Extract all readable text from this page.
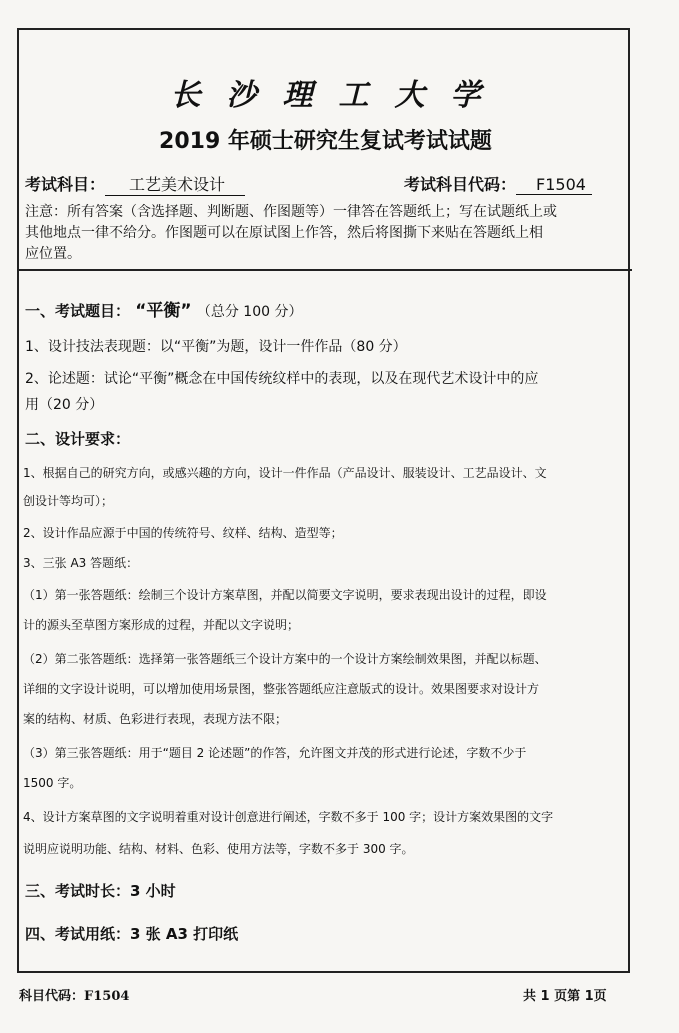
长沙理工大学
2019 年硕士研究生复试考试试题
考试科目： 工艺美术设计	考试科目代码： F1504
注意：所有答案（含选择题、判断题、作图题等）一律答在答题纸上；写在试题纸上或
其他地点一律不给分。作图题可以在原试图上作答，然后将图撕下来贴在答题纸上相
应位置。
一、考试题目： “平衡” （总分 100 分）
1、设计技法表现题：以“平衡”为题，设计一件作品（80 分）
2、论述题：试论“平衡”概念在中国传统纹样中的表现，以及在现代艺术设计中的应
用（20 分）
二、设计要求：
1、根据自己的研究方向，或感兴趣的方向，设计一件作品（产品设计、服装设计、工艺品设计、文
创设计等均可）；
2、设计作品应源于中国的传统符号、纹样、结构、造型等；
3、三张 A3 答题纸：
（1）第一张答题纸：绘制三个设计方案草图，并配以简要文字说明，要求表现出设计的过程，即设
计的源头至草图方案形成的过程，并配以文字说明；
（2）第二张答题纸：选择第一张答题纸三个设计方案中的一个设计方案绘制效果图，并配以标题、
详细的文字设计说明，可以增加使用场景图，整张答题纸应注意版式的设计。效果图要求对设计方
案的结构、材质、色彩进行表现，表现方法不限；
（3）第三张答题纸：用于“题目 2 论述题”的作答，允许图文并茂的形式进行论述，字数不少于
1500 字。
4、设计方案草图的文字说明着重对设计创意进行阐述，字数不多于 100 字；设计方案效果图的文字
说明应说明功能、结构、材料、色彩、使用方法等，字数不多于 300 字。
三、考试时长：3 小时
四、考试用纸：3 张 A3 打印纸
科目代码：F1504	共 1 页第 1页
